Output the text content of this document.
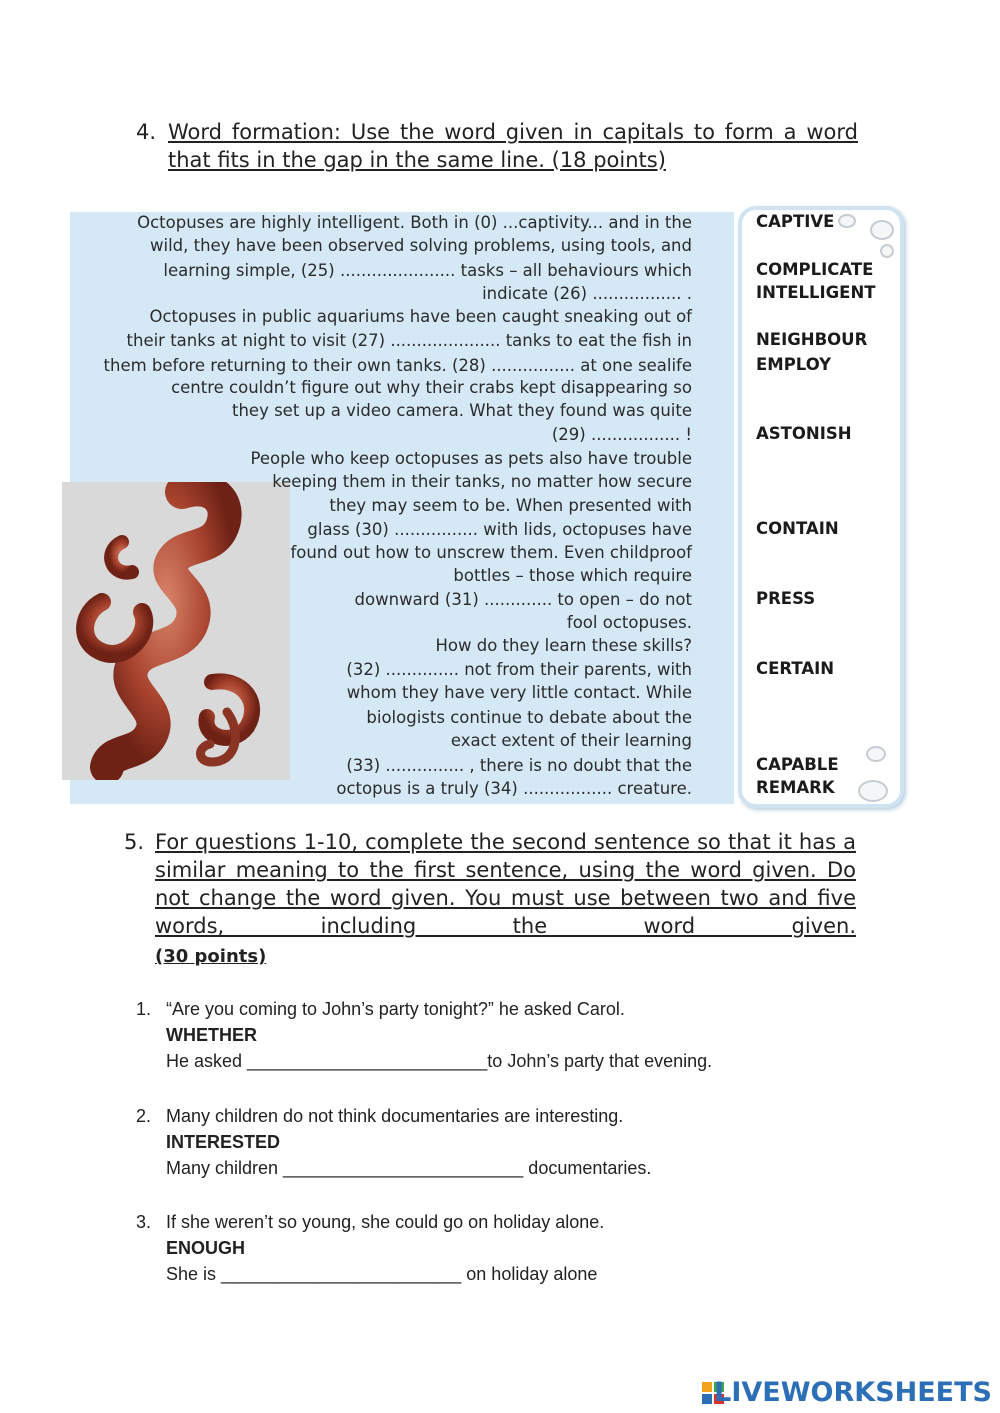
4. Word formation: Use the word given in capitals to form a word that fits in the gap in the same line. (18 points)
Octopuses are highly intelligent. Both in (0) ...captivity... and in the
wild, they have been observed solving problems, using tools, and
learning simple, (25) ...................... tasks – all behaviours which
indicate (26) ................. .
Octopuses in public aquariums have been caught sneaking out of
their tanks at night to visit (27) ..................... tanks to eat the fish in
them before returning to their own tanks. (28) ................ at one sealife
centre couldn’t figure out why their crabs kept disappearing so
they set up a video camera. What they found was quite
(29) ................. !
People who keep octopuses as pets also have trouble
keeping them in their tanks, no matter how secure
they may seem to be. When presented with
glass (30) ................ with lids, octopuses have
found out how to unscrew them. Even childproof
bottles – those which require
downward (31) ............. to open – do not
fool octopuses.
How do they learn these skills?
(32) .............. not from their parents, with
whom they have very little contact. While
biologists continue to debate about the
exact extent of their learning
(33) ............... , there is no doubt that the
octopus is a truly (34) ................. creature.
CAPTIVE
COMPLICATE
INTELLIGENT
NEIGHBOUR
EMPLOY
ASTONISH
CONTAIN
PRESS
CERTAIN
CAPABLE
REMARK
5. For questions 1-10, complete the second sentence so that it has a similar meaning to the first sentence, using the word given. Do not change the word given. You must use between two and five words, including the word given.
(30 points)
1. “Are you coming to John’s party tonight?” he asked Carol.
WHETHER
He asked ________________________to John’s party that evening.
2. Many children do not think documentaries are interesting.
INTERESTED
Many children ________________________ documentaries.
3. If she weren’t so young, she could go on holiday alone.
ENOUGH
She is ________________________ on holiday alone
LIVEWORKSHEETS
